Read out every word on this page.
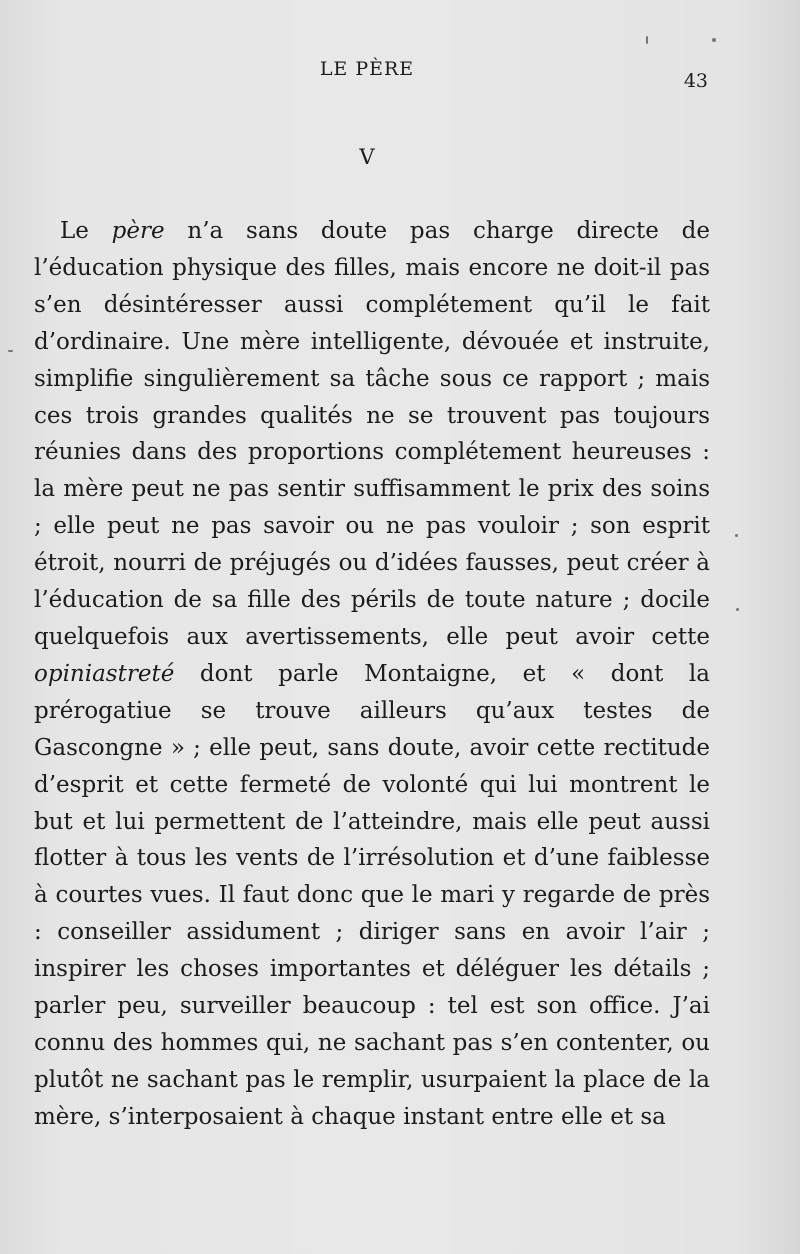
LE PÈRE
43
V

Le père n’a sans doute pas charge directe de l’éducation physique des filles, mais encore ne doit-il pas s’en désintéresser aussi complétement qu’il le fait d’ordinaire. Une mère intelligente, dévouée et instruite, simplifie singulièrement sa tâche sous ce rapport ; mais ces trois grandes qualités ne se trouvent pas toujours réunies dans des proportions complétement heureuses : la mère peut ne pas sentir suffisamment le prix des soins ; elle peut ne pas savoir ou ne pas vouloir ; son esprit étroit, nourri de préjugés ou d’idées fausses, peut créer à l’éducation de sa fille des périls de toute nature ; docile quelquefois aux avertissements, elle peut avoir cette opiniastreté dont parle Montaigne, et « dont la prérogatiue se trouve ailleurs qu’aux testes de Gascongne » ; elle peut, sans doute, avoir cette rectitude d’esprit et cette fermeté de volonté qui lui montrent le but et lui permettent de l’atteindre, mais elle peut aussi flotter à tous les vents de l’irrésolution et d’une faiblesse à courtes vues. Il faut donc que le mari y regarde de près : conseiller assidument ; diriger sans en avoir l’air ; inspirer les choses importantes et déléguer les détails ; parler peu, surveiller beaucoup : tel est son office. J’ai connu des hommes qui, ne sachant pas s’en contenter, ou plutôt ne sachant pas le remplir, usurpaient la place de la mère, s’interposaient à chaque instant entre elle et sa
